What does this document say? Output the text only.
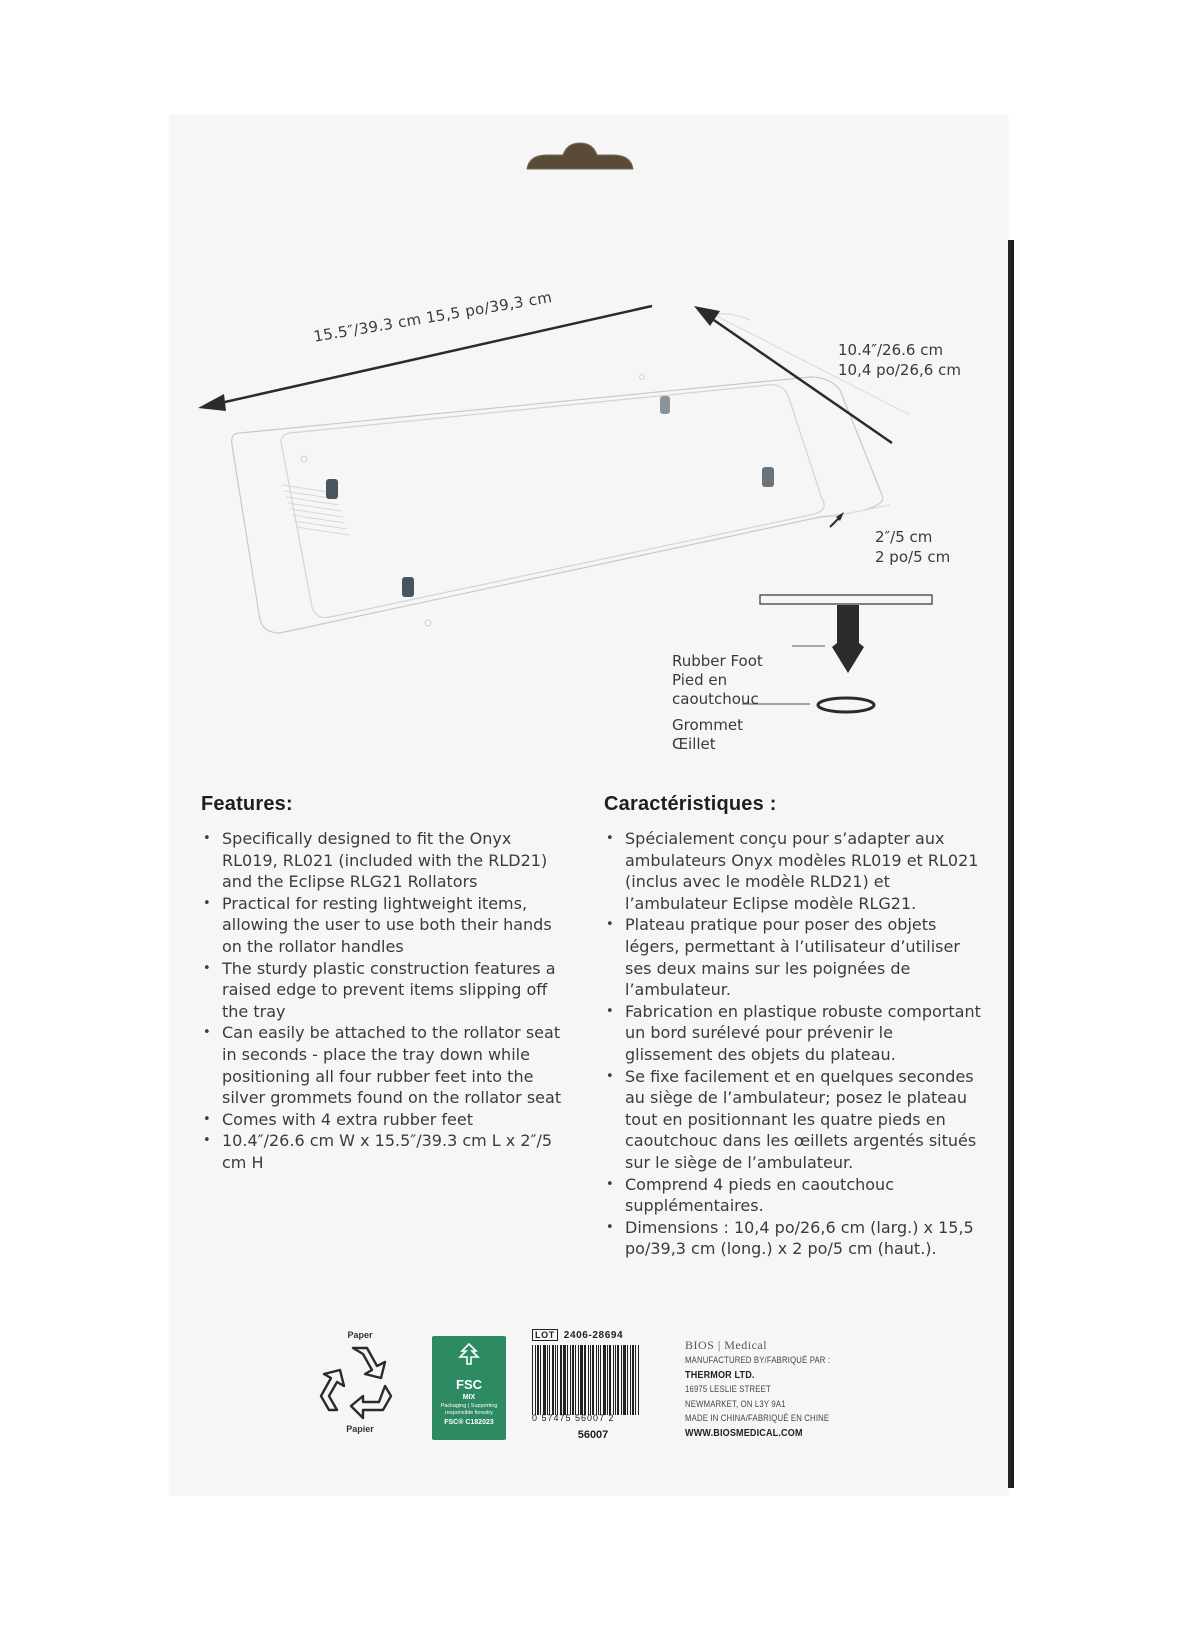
15.5″/39.3 cm 15,5 po/39,3 cm
10.4″/26.6 cm
10,4 po/26,6 cm
2″/5 cm
2 po/5 cm
Rubber Foot
Pied en
caoutchouc
Grommet
Œillet
Features:
• Specifically designed to fit the Onyx RL019, RL021 (included with the RLD21) and the Eclipse RLG21 Rollators
• Practical for resting lightweight items, allowing the user to use both their hands on the rollator handles
• The sturdy plastic construction features a raised edge to prevent items slipping off the tray
• Can easily be attached to the rollator seat in seconds - place the tray down while positioning all four rubber feet into the silver grommets found on the rollator seat
• Comes with 4 extra rubber feet
• 10.4″/26.6 cm W x 15.5″/39.3 cm L x 2″/5 cm H
Caractéristiques :
• Spécialement conçu pour s’adapter aux ambulateurs Onyx modèles RL019 et RL021 (inclus avec le modèle RLD21) et l’ambulateur Eclipse modèle RLG21.
• Plateau pratique pour poser des objets légers, permettant à l’utilisateur d’utiliser ses deux mains sur les poignées de l’ambulateur.
• Fabrication en plastique robuste comportant un bord surélevé pour prévenir le glissement des objets du plateau.
• Se fixe facilement et en quelques secondes au siège de l’ambulateur; posez le plateau tout en positionnant les quatre pieds en caoutchouc dans les œillets argentés situés sur le siège de l’ambulateur.
• Comprend 4 pieds en caoutchouc supplémentaires.
• Dimensions : 10,4 po/26,6 cm (larg.) x 15,5 po/39,3 cm (long.) x 2 po/5 cm (haut.).
Paper
Papier
FSC
MIX
Packaging | Supporting responsible forestry
FSC® C182023
LOT 2406-28694
0 57475 56007 2
56007
BIOS | Medical
MANUFACTURED BY/FABRIQUÉ PAR :
THERMOR LTD.
16975 LESLIE STREET
NEWMARKET, ON L3Y 9A1
MADE IN CHINA/FABRIQUÉ EN CHINE
WWW.BIOSMEDICAL.COM
